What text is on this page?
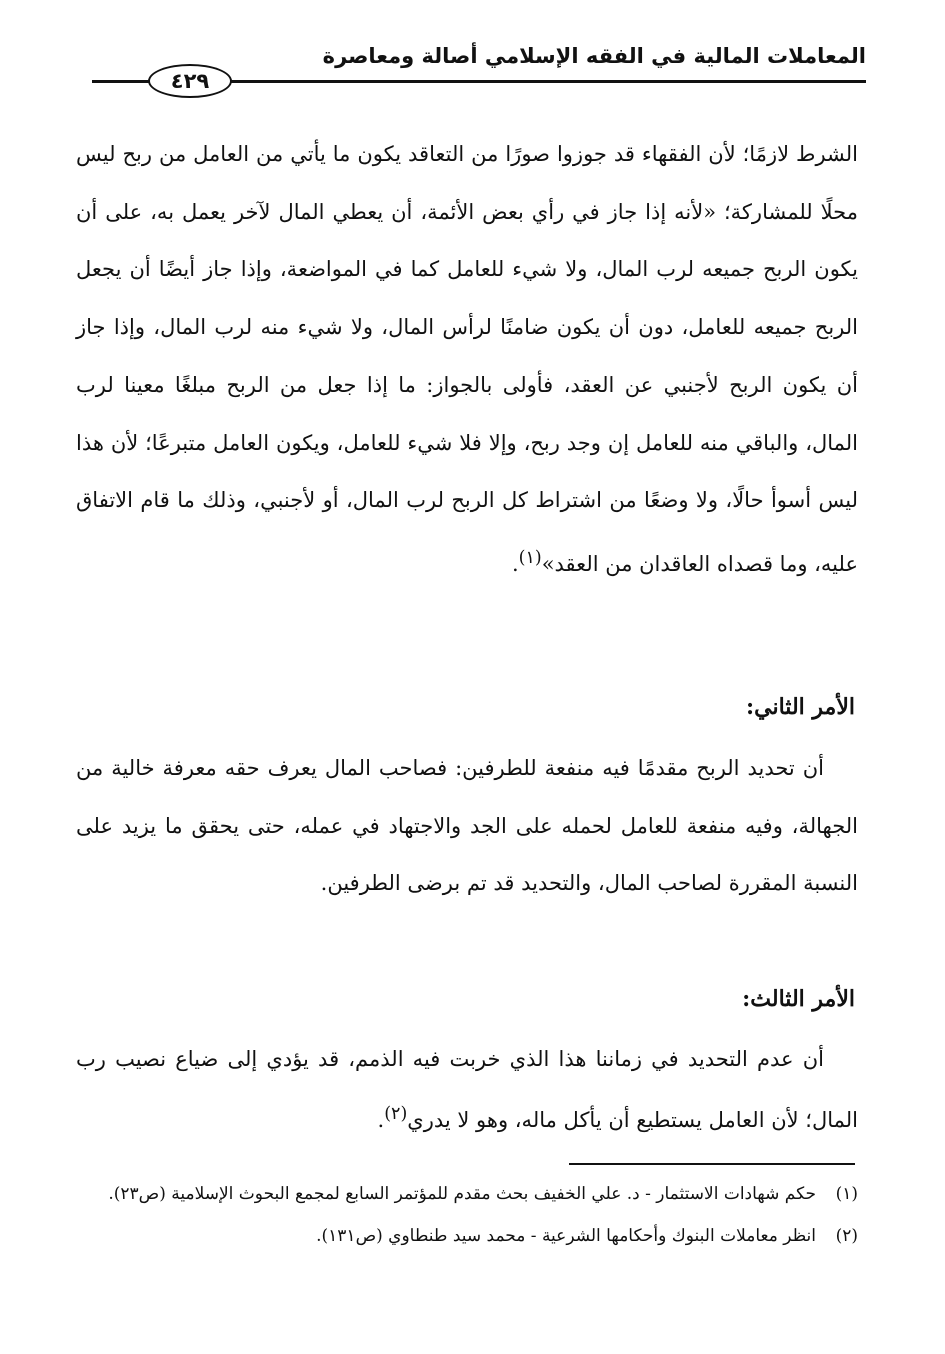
المعاملات المالية في الفقه الإسلامي أصالة ومعاصرة
٤٢٩

الشرط لازمًا؛ لأن الفقهاء قد جوزوا صورًا من التعاقد يكون ما يأتي من العامل من ربح ليس محلًا للمشاركة؛ «لأنه إذا جاز في رأي بعض الأئمة، أن يعطي المال لآخر يعمل به، على أن يكون الربح جميعه لرب المال، ولا شيء للعامل كما في المواضعة، وإذا جاز أيضًا أن يجعل الربح جميعه للعامل، دون أن يكون ضامنًا لرأس المال، ولا شيء منه لرب المال، وإذا جاز أن يكون الربح لأجنبي عن العقد، فأولى بالجواز: ما إذا جعل من الربح مبلغًا معينا لرب المال، والباقي منه للعامل إن وجد ربح، وإلا فلا شيء للعامل، ويكون العامل متبرعًا؛ لأن هذا ليس أسوأ حالًا، ولا وضعًا من اشتراط كل الربح لرب المال، أو لأجنبي، وذلك ما قام الاتفاق عليه، وما قصداه العاقدان من العقد»$^{(١)}$.

الأمر الثاني:

أن تحديد الربح مقدمًا فيه منفعة للطرفين: فصاحب المال يعرف حقه معرفة خالية من الجهالة، وفيه منفعة للعامل لحمله على الجد والاجتهاد في عمله، حتى يحقق ما يزيد على النسبة المقررة لصاحب المال، والتحديد قد تم برضى الطرفين.

الأمر الثالث:

أن عدم التحديد في زماننا هذا الذي خربت فيه الذمم، قد يؤدي إلى ضياع نصيب رب المال؛ لأن العامل يستطيع أن يأكل ماله، وهو لا يدري$^{(٢)}$.

(١)
حكم شهادات الاستثمار - د. علي الخفيف بحث مقدم للمؤتمر السابع لمجمع البحوث الإسلامية (ص٢٣).
(٢)
انظر معاملات البنوك وأحكامها الشرعية - محمد سيد طنطاوي (ص١٣١).
